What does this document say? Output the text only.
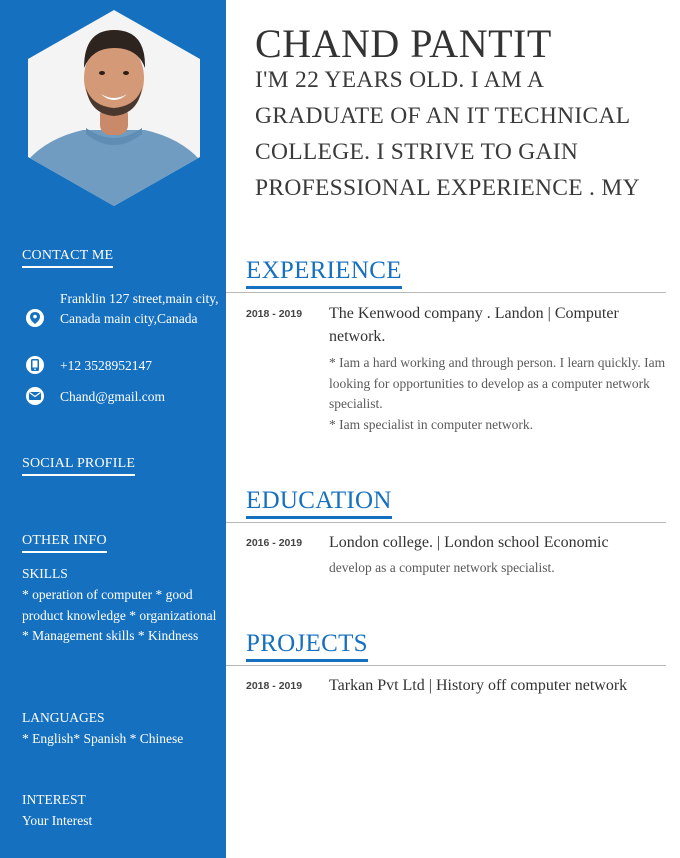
CONTACT ME
Franklin 127 street,main city, Canada main city,Canada
+12 3528952147
Chand@gmail.com
SOCIAL PROFILE
OTHER INFO
SKILLS
* operation of computer * good product knowledge * organizational * Management skills * Kindness
LANGUAGES
* English* Spanish * Chinese
INTEREST
Your Interest
CHAND PANTIT
I'M 22 YEARS OLD. I AM A GRADUATE OF AN IT TECHNICAL COLLEGE. I STRIVE TO GAIN PROFESSIONAL EXPERIENCE . MY
EXPERIENCE
2018 - 2019 The Kenwood company . Landon | Computer network.
* Iam a hard working and through person. I learn quickly. Iam looking for opportunities to develop as a computer network specialist.
* Iam specialist in computer network.
EDUCATION
2016 - 2019 London college. | London school Economic
develop as a computer network specialist.
PROJECTS
2018 - 2019 Tarkan Pvt Ltd | History off computer network
